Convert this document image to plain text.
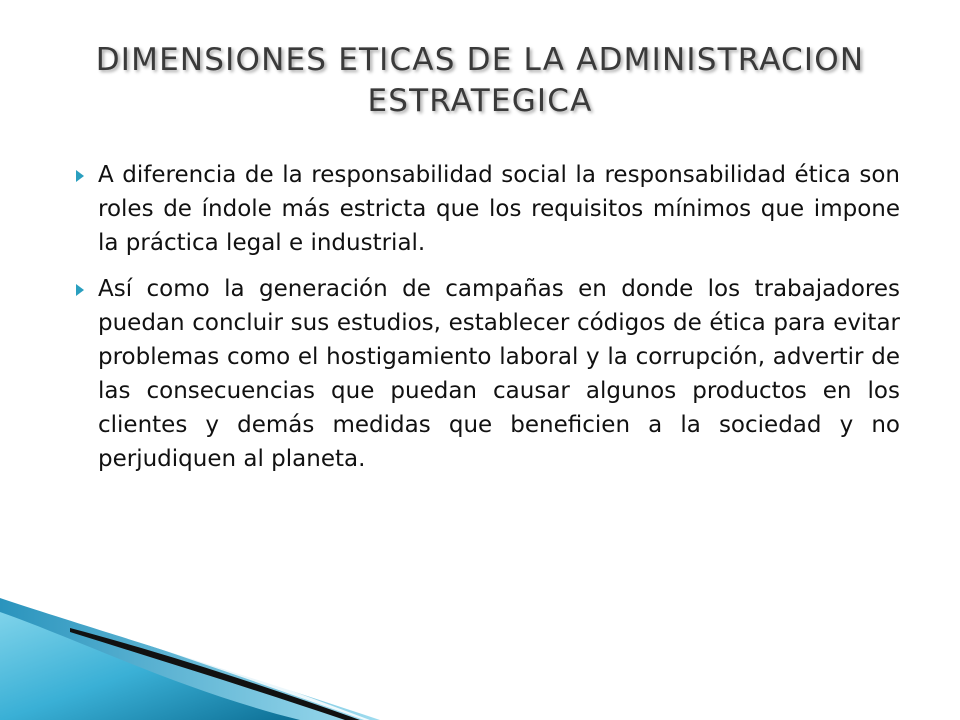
DIMENSIONES ETICAS DE LA ADMINISTRACION
ESTRATEGICA
A diferencia de la responsabilidad social la responsabilidad ética son roles de índole más estricta que los requisitos mínimos que impone la práctica legal e industrial.
Así como la generación de campañas en donde los trabajadores puedan concluir sus estudios, establecer códigos de ética para evitar problemas como el hostigamiento laboral y la corrupción, advertir de las consecuencias que puedan causar algunos productos en los clientes y demás medidas que beneficien a la sociedad y no perjudiquen al planeta.
